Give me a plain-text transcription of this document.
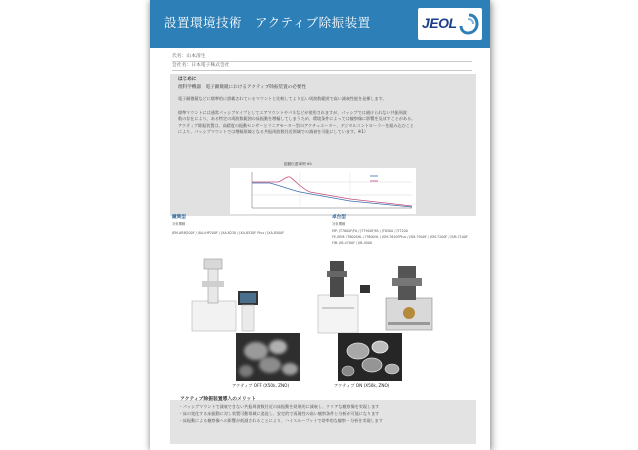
設置環境技術　アクティブ除振装置	JEOL
氏名：山本清生
会社名：日本電子株式会社
はじめに
理科学機器　電子顕微鏡におけるアクティブ除振装置の必要性
電子顕微鏡などに標準的に搭載されているマウントと比較してより広い周波数範囲で高い減衰性能を発揮します。
標準マウントには通常パッシブタイプとしてエアマウントやバネなどが使用されますが、パッシブでは避けられない共振周波
数の存在により、ある特定の周波数範囲の床振動を増幅してしまうため、環境条件によっては観察像に影響を及ぼすことがある。
アクティブ除振装置は、高精度の振動センサーとリニアモーター型のアクチュエーター、デジタルコントローラーを組み込むこと
により、パッシブマウントでは増幅領域となる共振周波数付近領域での減衰を可能にしています。※1）
振動伝達率例 ※1
鏡筒型
対象機種
JEM-ARM200F / JXA-iHP200F / JXA-8230 / JXA-8530F Plus / JXA-8500F
卓台型
対象機種
MP: JT7800F/FA / JT7900F/FA / JT8300 / JT7200
FE-SEM: IT800SHL / IT800HL / JSM-7610FPlus / JSM-7900F / JSM-7200F / JSM-7100F
FIB: JIB-4700F / JIB-4000
アクティブ OFF (X50k, ZNO)	アクティブ ON (X50k, ZNO)
アクティブ除振装置導入のメリット
- パッシブマウントで減衰できない共振周波数付近の床振動を効果的に減衰し、クリアな観察像を実現します
- 床の変化する床振動に対し装置可動領域に追従し、安定的で再現性の高い観察条件と分析が可能になります
- 床振動による観察像への影響が低減されることにより、ハイスループットで効率的な観察・分析を実現します
